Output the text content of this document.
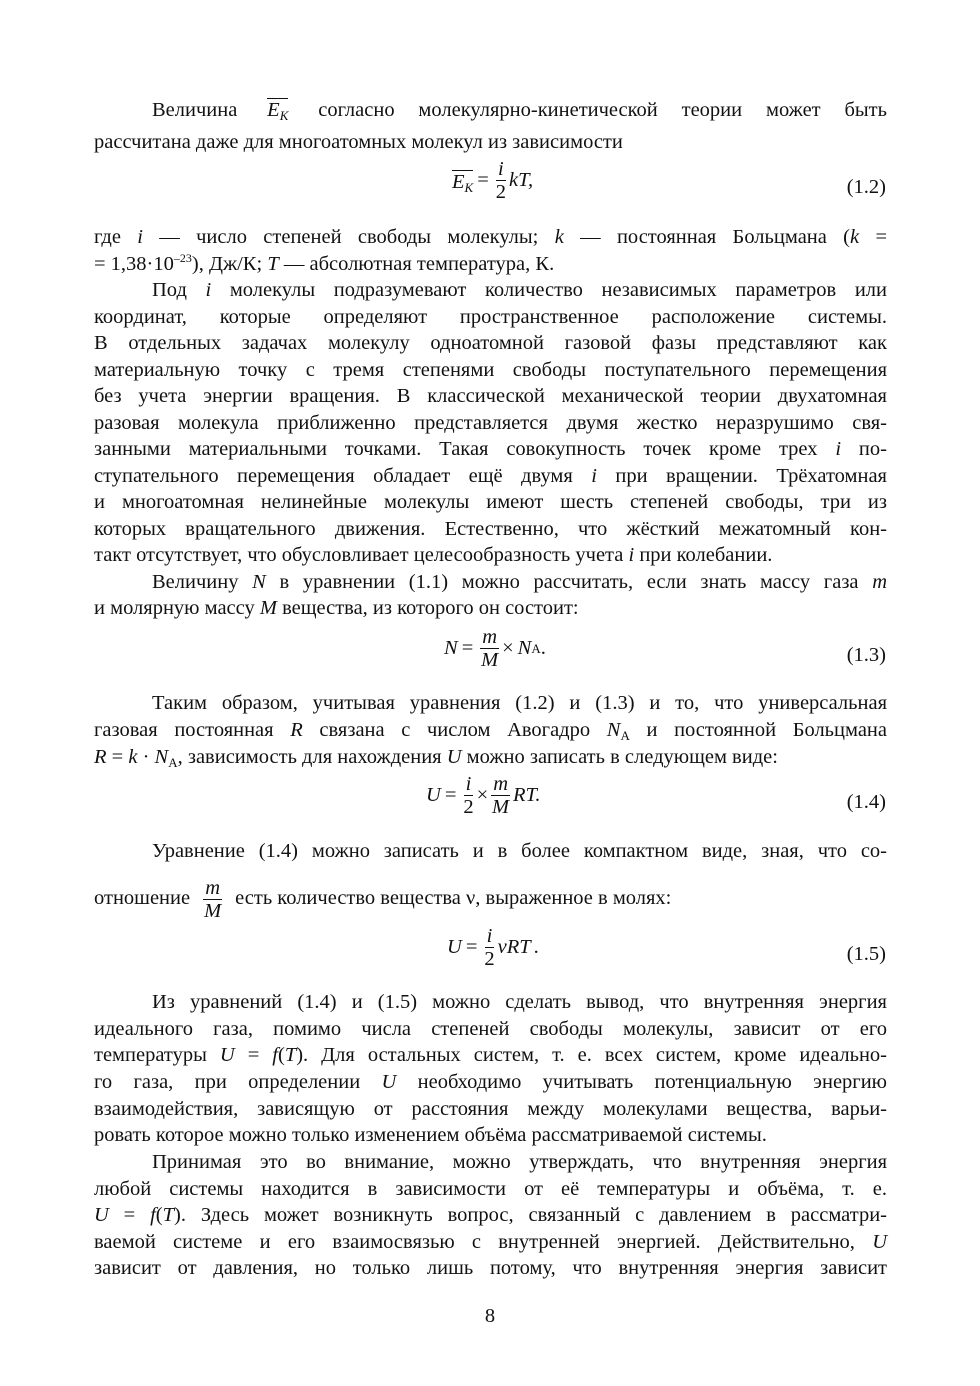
Величина $E_K$ согласно молекулярно-кинетической теории может быть
рассчитана даже для многоатомных молекул из зависимости
где i — число степеней свободы молекулы; k — постоянная Больцмана (k =
= $1,38\cdot 10^{-23}$), Дж/К; T — абсолютная температура, К.
Под i молекулы подразумевают количество независимых параметров или
координат, которые определяют пространственное расположение системы.
В отдельных задачах молекулу одноатомной газовой фазы представляют как
материальную точку с тремя степенями свободы поступательного перемещения
без учета энергии вращения. В классической механической теории двухатомная
разовая молекула приближенно представляется двумя жестко неразрушимо свя-
занными материальными точками. Такая совокупность точек кроме трех i по-
ступательного перемещения обладает ещё двумя i при вращении. Трёхатомная
и многоатомная нелинейные молекулы имеют шесть степеней свободы, три из
которых вращательного движения. Естественно, что жёсткий межатомный кон-
такт отсутствует, что обусловливает целесообразность учета i при колебании.
Величину N в уравнении (1.1) можно рассчитать, если знать массу газа m
и молярную массу M вещества, из которого он состоит:
Таким образом, учитывая уравнения (1.2) и (1.3) и то, что универсальная
газовая постоянная R связана с числом Авогадро $N_A$ и постоянной Больцмана
$R = k \cdot N_A$, зависимость для нахождения U можно записать в следующем виде:
Уравнение (1.4) можно записать и в более компактном виде, зная, что со-
отношение $\frac{m}{M}$ есть количество вещества ν, выраженное в молях:
Из уравнений (1.4) и (1.5) можно сделать вывод, что внутренняя энергия
идеального газа, помимо числа степеней свободы молекулы, зависит от его
температуры U = f(T). Для остальных систем, т. е. всех систем, кроме идеально-
го газа, при определении U необходимо учитывать потенциальную энергию
взаимодействия, зависящую от расстояния между молекулами вещества, варьи-
ровать которое можно только изменением объёма рассматриваемой системы.
Принимая это во внимание, можно утверждать, что внутренняя энергия
любой системы находится в зависимости от её температуры и объёма, т. е.
U = f(T). Здесь может возникнуть вопрос, связанный с давлением в рассматри-
ваемой системе и его взаимосвязью с внутренней энергией. Действительно, U
зависит от давления, но только лишь потому, что внутренняя энергия зависит
$E_K = \frac{i}{2}$ kT,	(1.2)
$N = \frac{m}{M} \times N$ A .	(1.3)
$U = \frac{i}{2} \times \frac{m}{M}$ RT.	(1.4)
$U = \frac{i}{2}$ νRT .	(1.5)
8
